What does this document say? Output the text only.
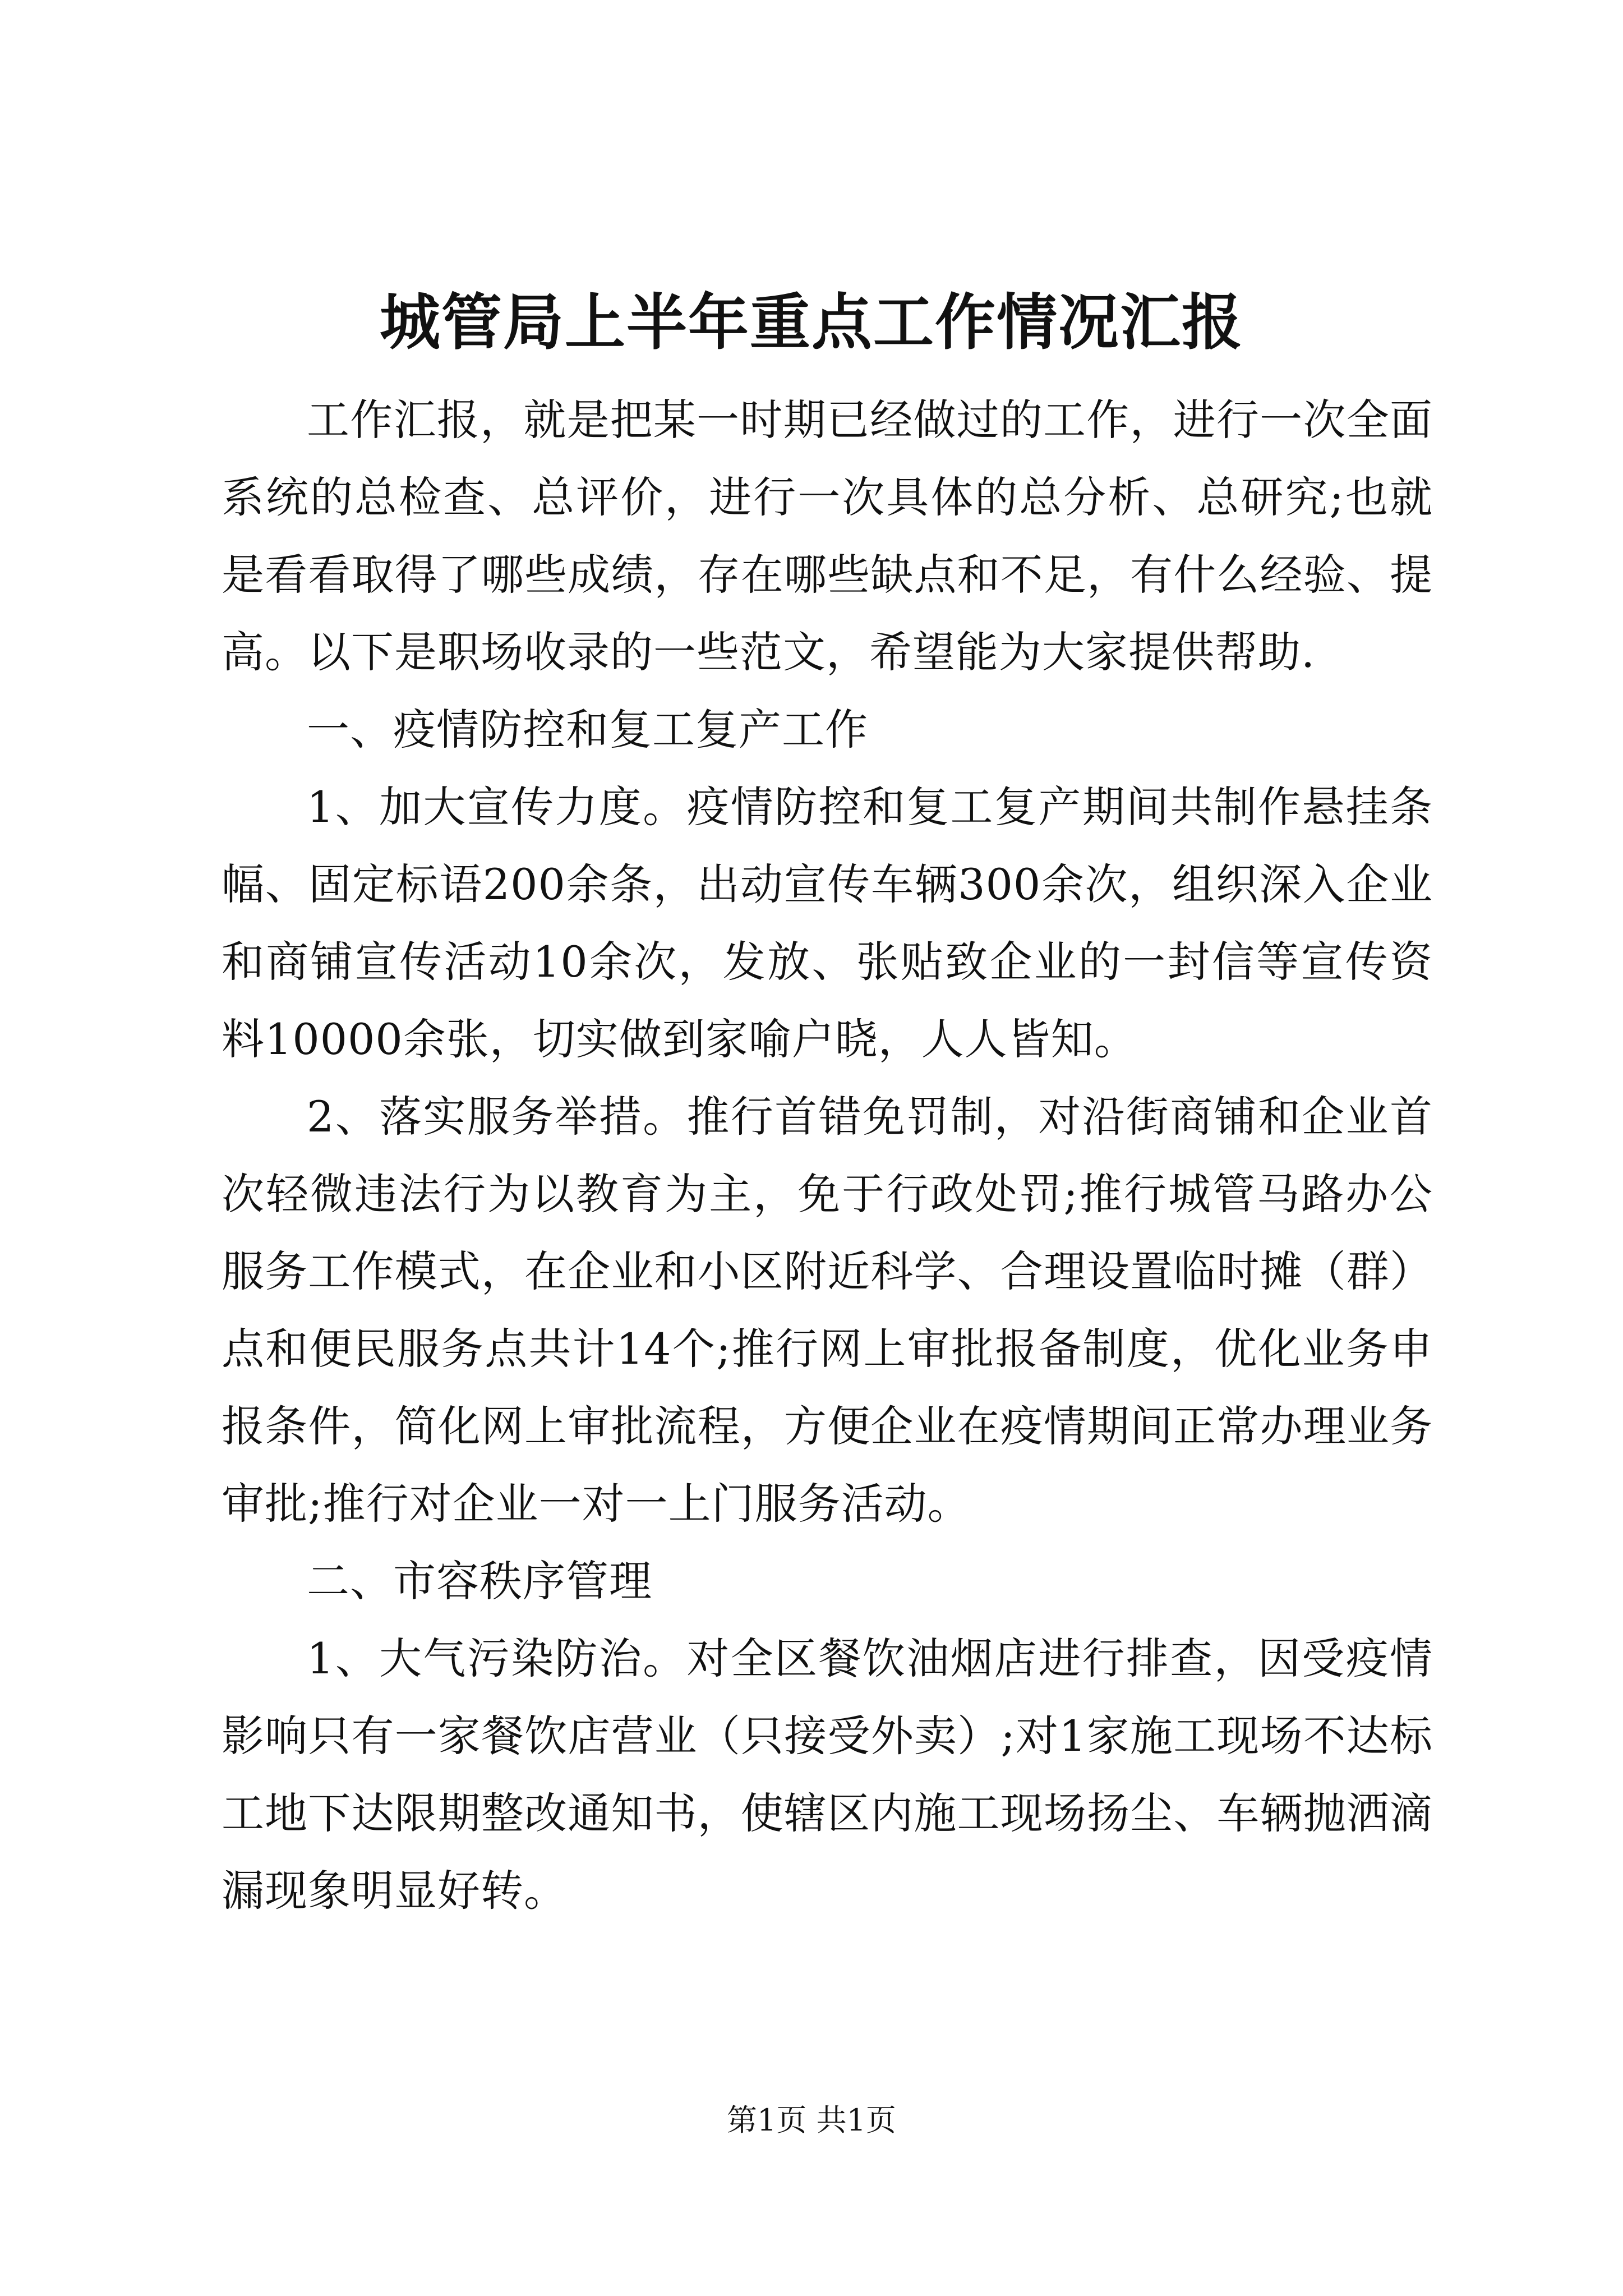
城管局上半年重点工作情况汇报

工作汇报，就是把某一时期已经做过的工作，进行一次全面系统的总检查、总评价，进行一次具体的总分析、总研究;也就是看看取得了哪些成绩，存在哪些缺点和不足，有什么经验、提高。以下是职场收录的一些范文，希望能为大家提供帮助.

一、疫情防控和复工复产工作

1、加大宣传力度。疫情防控和复工复产期间共制作悬挂条幅、固定标语200余条，出动宣传车辆300余次，组织深入企业和商铺宣传活动10余次，发放、张贴致企业的一封信等宣传资料10000余张，切实做到家喻户晓，人人皆知。

2、落实服务举措。推行首错免罚制，对沿街商铺和企业首次轻微违法行为以教育为主，免于行政处罚;推行城管马路办公服务工作模式，在企业和小区附近科学、合理设置临时摊（群）点和便民服务点共计14个;推行网上审批报备制度，优化业务申报条件，简化网上审批流程，方便企业在疫情期间正常办理业务审批;推行对企业一对一上门服务活动。

二、市容秩序管理

1、大气污染防治。对全区餐饮油烟店进行排查，因受疫情影响只有一家餐饮店营业（只接受外卖）;对1家施工现场不达标工地下达限期整改通知书，使辖区内施工现场扬尘、车辆抛洒滴漏现象明显好转。

第1页 共1页
